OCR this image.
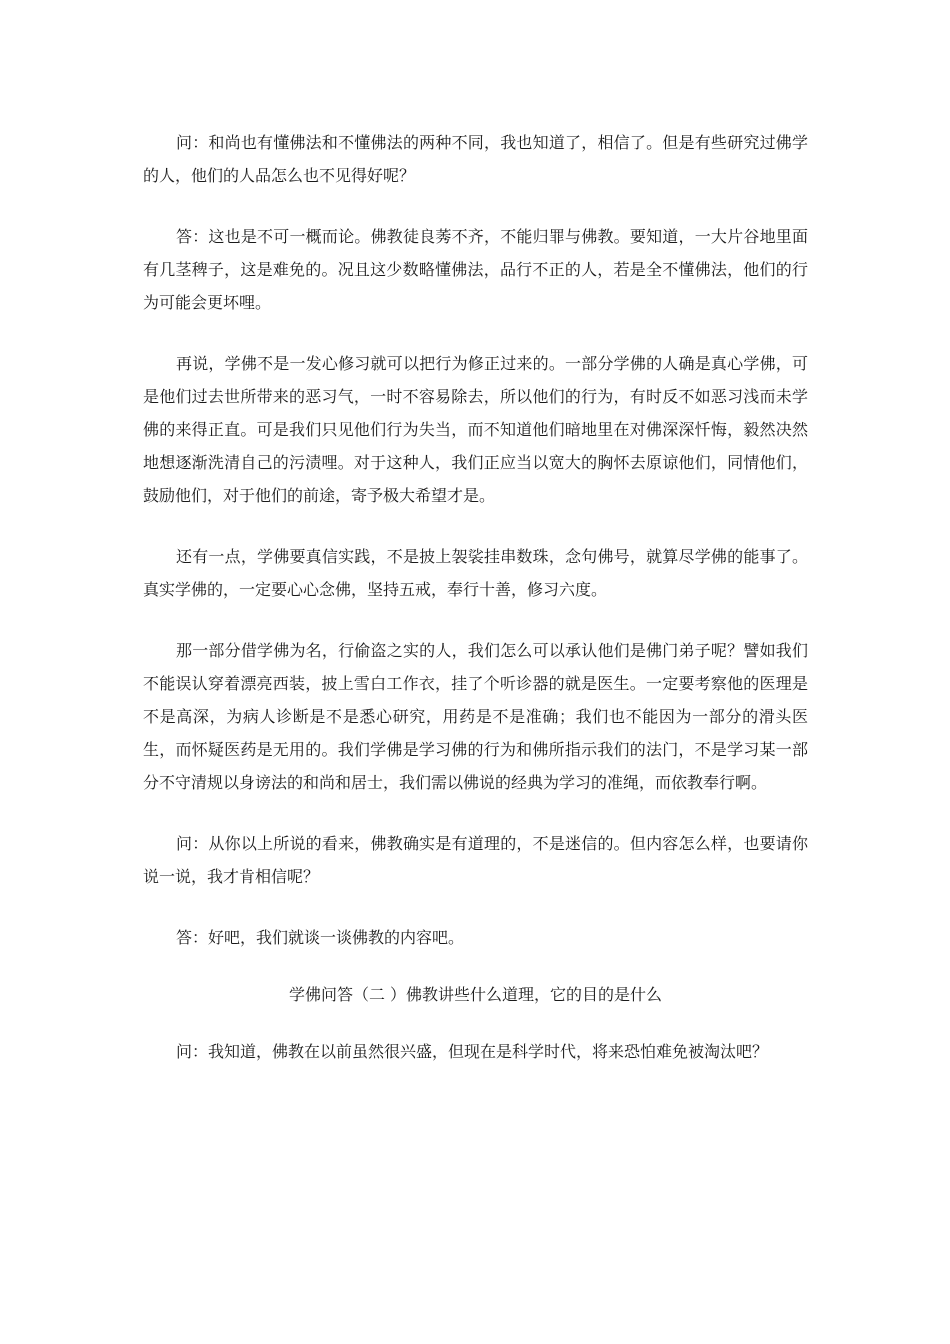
问：和尚也有懂佛法和不懂佛法的两种不同，我也知道了，相信了。但是有些研究过佛学的人，他们的人品怎么也不见得好呢？

答：这也是不可一概而论。佛教徒良莠不齐，不能归罪与佛教。要知道，一大片谷地里面有几茎稗子，这是难免的。况且这少数略懂佛法，品行不正的人，若是全不懂佛法，他们的行为可能会更坏哩。

再说，学佛不是一发心修习就可以把行为修正过来的。一部分学佛的人确是真心学佛，可是他们过去世所带来的恶习气，一时不容易除去，所以他们的行为，有时反不如恶习浅而未学佛的来得正直。可是我们只见他们行为失当，而不知道他们暗地里在对佛深深忏悔，毅然决然地想逐渐洗清自己的污渍哩。对于这种人，我们正应当以宽大的胸怀去原谅他们，同情他们，鼓励他们，对于他们的前途，寄予极大希望才是。

还有一点，学佛要真信实践，不是披上袈裟挂串数珠，念句佛号，就算尽学佛的能事了。真实学佛的，一定要心心念佛，坚持五戒，奉行十善，修习六度。

那一部分借学佛为名，行偷盗之实的人，我们怎么可以承认他们是佛门弟子呢？譬如我们不能误认穿着漂亮西装，披上雪白工作衣，挂了个听诊器的就是医生。一定要考察他的医理是不是高深，为病人诊断是不是悉心研究，用药是不是准确；我们也不能因为一部分的滑头医生，而怀疑医药是无用的。我们学佛是学习佛的行为和佛所指示我们的法门，不是学习某一部分不守清规以身谤法的和尚和居士，我们需以佛说的经典为学习的准绳，而依教奉行啊。

问：从你以上所说的看来，佛教确实是有道理的，不是迷信的。但内容怎么样，也要请你说一说，我才肯相信呢？

答：好吧，我们就谈一谈佛教的内容吧。

学佛问答（二 ）佛教讲些什么道理，它的目的是什么

问：我知道，佛教在以前虽然很兴盛，但现在是科学时代，将来恐怕难免被淘汰吧？
